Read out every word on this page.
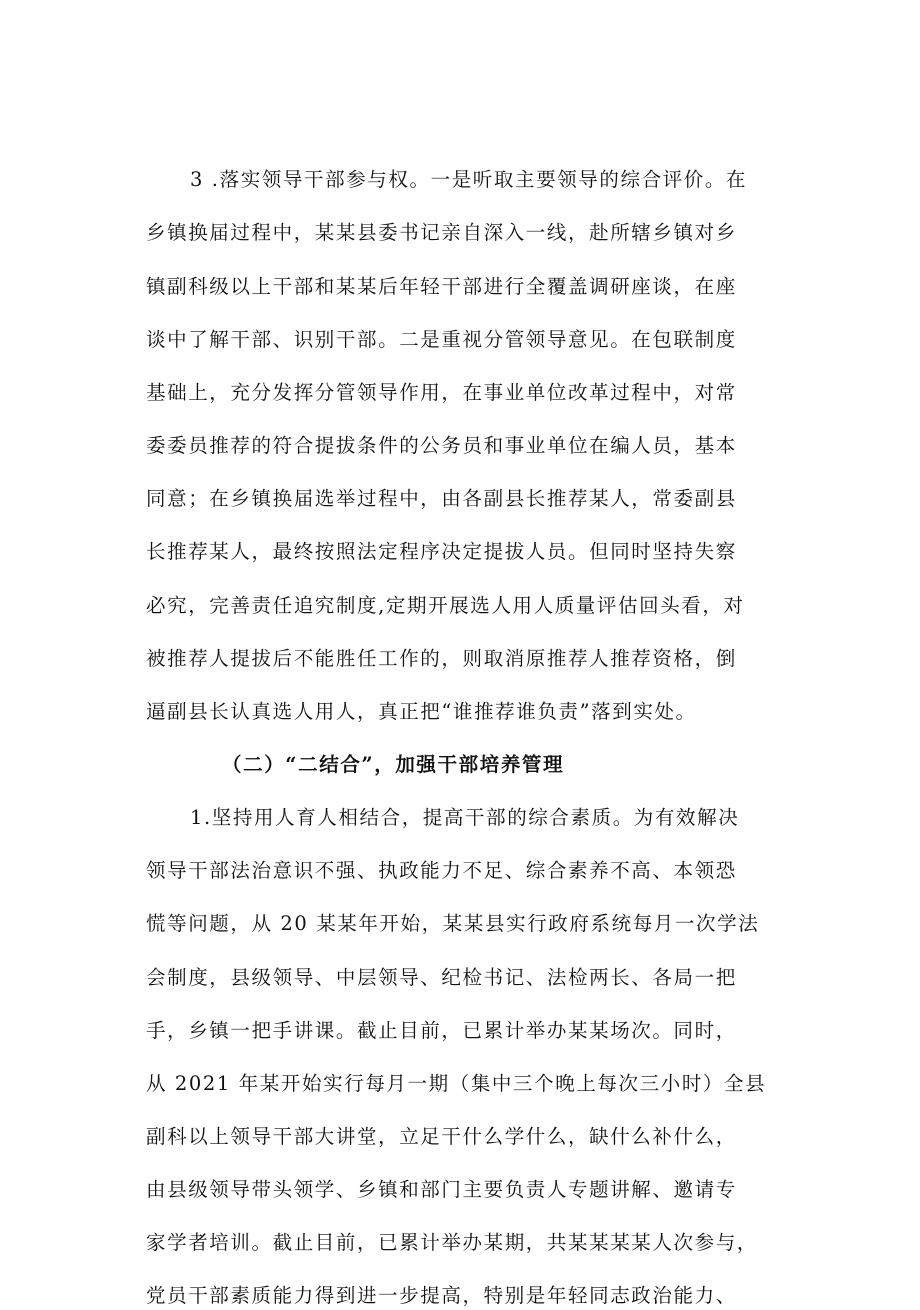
3 .落实领导干部参与权。一是听取主要领导的综合评价。在
乡镇换届过程中，某某县委书记亲自深入一线，赴所辖乡镇对乡
镇副科级以上干部和某某后年轻干部进行全覆盖调研座谈，在座
谈中了解干部、识别干部。二是重视分管领导意见。在包联制度
基础上，充分发挥分管领导作用，在事业单位改革过程中，对常
委委员推荐的符合提拔条件的公务员和事业单位在编人员，基本
同意；在乡镇换届选举过程中，由各副县长推荐某人，常委副县
长推荐某人，最终按照法定程序决定提拔人员。但同时坚持失察
必究，完善责任追究制度,定期开展选人用人质量评估回头看，对
被推荐人提拔后不能胜任工作的，则取消原推荐人推荐资格，倒
逼副县长认真选人用人，真正把“谁推荐谁负责”落到实处。
（二）“二结合”，加强干部培养管理
1.坚持用人育人相结合，提高干部的综合素质。为有效解决
领导干部法治意识不强、执政能力不足、综合素养不高、本领恐
慌等问题，从 20 某某年开始，某某县实行政府系统每月一次学法
会制度，县级领导、中层领导、纪检书记、法检两长、各局一把
手，乡镇一把手讲课。截止目前，已累计举办某某场次。同时，
从 2021 年某开始实行每月一期（集中三个晚上每次三小时）全县
副科以上领导干部大讲堂，立足干什么学什么，缺什么补什么，
由县级领导带头领学、乡镇和部门主要负责人专题讲解、邀请专
家学者培训。截止目前，已累计举办某期，共某某某某人次参与，
党员干部素质能力得到进一步提高，特别是年轻同志政治能力、
